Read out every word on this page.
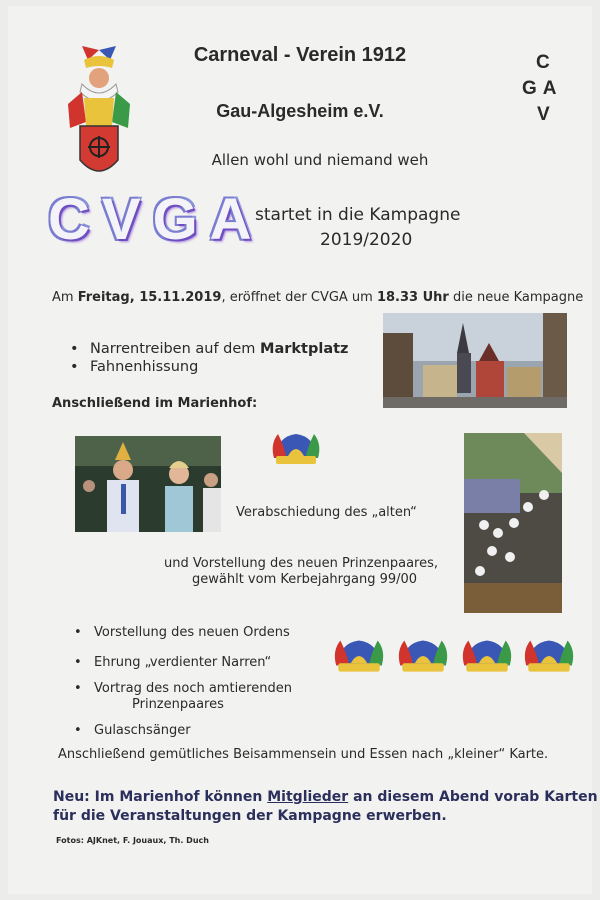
Carneval - Verein 1912
Gau-Algesheim e.V.
Allen wohl und niemand weh
C
GA
V
CVGA
startet in die Kampagne
2019/2020
Am Freitag, 15.11.2019, eröffnet der CVGA um 18.33 Uhr die neue Kampagne
• Narrentreiben auf dem Marktplatz
• Fahnenhissung
Anschließend im Marienhof:
Verabschiedung des „alten“
und Vorstellung des neuen Prinzenpaares,
gewählt vom Kerbejahrgang 99/00
• Vorstellung des neuen Ordens
• Ehrung „verdienter Narren“
• Vortrag des noch amtierenden
Prinzenpaares
• Gulaschsänger
Anschließend gemütliches Beisammensein und Essen nach „kleiner“ Karte.
Neu: Im Marienhof können Mitglieder an diesem Abend vorab Karten für die Veranstaltungen der Kampagne erwerben.
Fotos: AJKnet, F. Jouaux, Th. Duch
